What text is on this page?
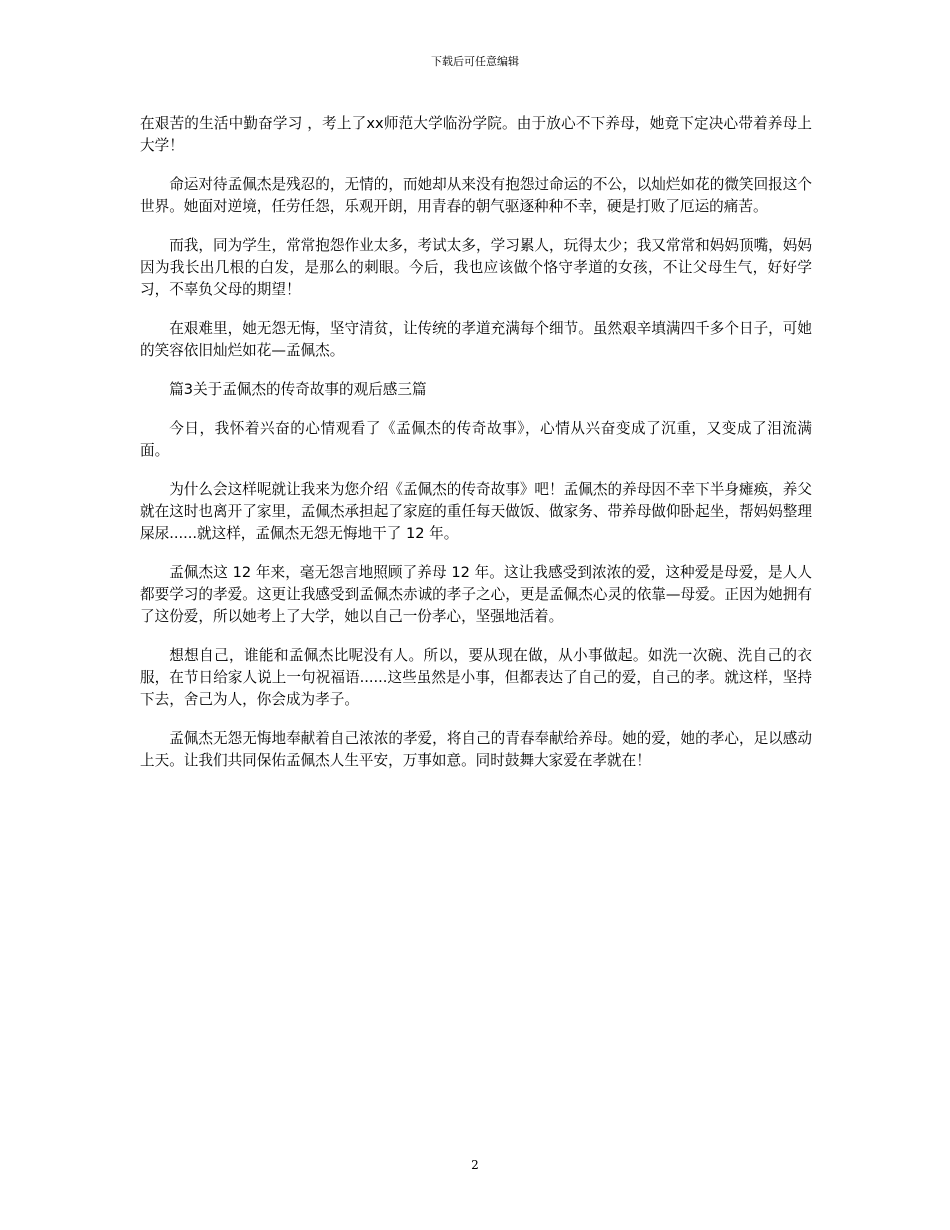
下载后可任意编辑

在艰苦的生活中勤奋学习 ，考上了xx师范大学临汾学院。由于放心不下养母，她竟下定决心带着养母上大学！

命运对待孟佩杰是残忍的，无情的，而她却从来没有抱怨过命运的不公，以灿烂如花的微笑回报这个世界。她面对逆境，任劳任怨，乐观开朗，用青春的朝气驱逐种种不幸，硬是打败了厄运的痛苦。

而我，同为学生，常常抱怨作业太多，考试太多，学习累人，玩得太少；我又常常和妈妈顶嘴，妈妈因为我长出几根的白发，是那么的刺眼。今后，我也应该做个恪守孝道的女孩，不让父母生气，好好学习，不辜负父母的期望！

在艰难里，她无怨无悔，坚守清贫，让传统的孝道充满每个细节。虽然艰辛填满四千多个日子，可她的笑容依旧灿烂如花—孟佩杰。

篇3关于孟佩杰的传奇故事的观后感三篇

今日，我怀着兴奋的心情观看了《孟佩杰的传奇故事》，心情从兴奋变成了沉重，又变成了泪流满面。

为什么会这样呢就让我来为您介绍《孟佩杰的传奇故事》吧！孟佩杰的养母因不幸下半身瘫痪，养父就在这时也离开了家里，孟佩杰承担起了家庭的重任每天做饭、做家务、带养母做仰卧起坐，帮妈妈整理屎尿......就这样，孟佩杰无怨无悔地干了 12 年。

孟佩杰这 12 年来，毫无怨言地照顾了养母 12 年。这让我感受到浓浓的爱，这种爱是母爱，是人人都要学习的孝爱。这更让我感受到孟佩杰赤诚的孝子之心，更是孟佩杰心灵的依靠—母爱。正因为她拥有了这份爱，所以她考上了大学，她以自己一份孝心，坚强地活着。

想想自己，谁能和孟佩杰比呢没有人。所以，要从现在做，从小事做起。如洗一次碗、洗自己的衣服，在节日给家人说上一句祝福语......这些虽然是小事，但都表达了自己的爱，自己的孝。就这样，坚持下去，舍己为人，你会成为孝子。

孟佩杰无怨无悔地奉献着自己浓浓的孝爱，将自己的青春奉献给养母。她的爱，她的孝心，足以感动上天。让我们共同保佑孟佩杰人生平安，万事如意。同时鼓舞大家爱在孝就在！

2
